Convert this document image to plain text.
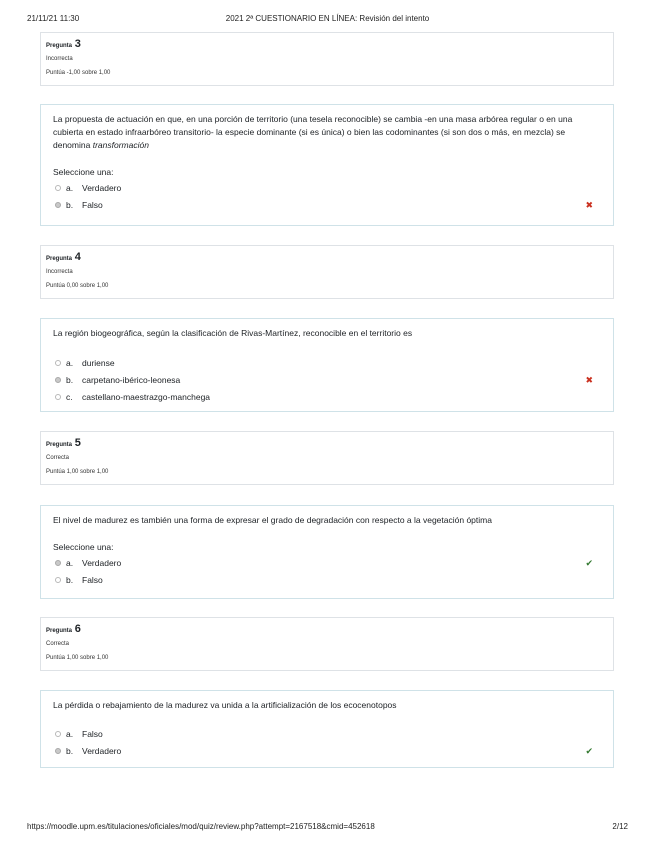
21/11/21 11:30	2021 2ª CUESTIONARIO EN LÍNEA: Revisión del intento
Pregunta 3
Incorrecta
Puntúa -1,00 sobre 1,00
La propuesta de actuación en que, en una porción de territorio (una tesela reconocible) se cambia -en una masa arbórea regular o en una cubierta en estado infraarbóreo transitorio- la especie dominante (si es única) o bien las codominantes (si son dos o más, en mezcla) se denomina transformación
Seleccione una:
a. Verdadero
b. Falso	✖
Pregunta 4
Incorrecta
Puntúa 0,00 sobre 1,00
La región biogeográfica, según la clasificación de Rivas-Martínez, reconocible en el territorio es
a. duriense
b. carpetano-ibérico-leonesa	✖
c. castellano-maestrazgo-manchega
Pregunta 5
Correcta
Puntúa 1,00 sobre 1,00
El nivel de madurez es también una forma de expresar el grado de degradación con respecto a la vegetación óptima
Seleccione una:
a. Verdadero	✔
b. Falso
Pregunta 6
Correcta
Puntúa 1,00 sobre 1,00
La pérdida o rebajamiento de la madurez va unida a la artificialización de los ecocenotopos
a. Falso
b. Verdadero	✔
https://moodle.upm.es/titulaciones/oficiales/mod/quiz/review.php?attempt=2167518&cmid=452618	2/12
